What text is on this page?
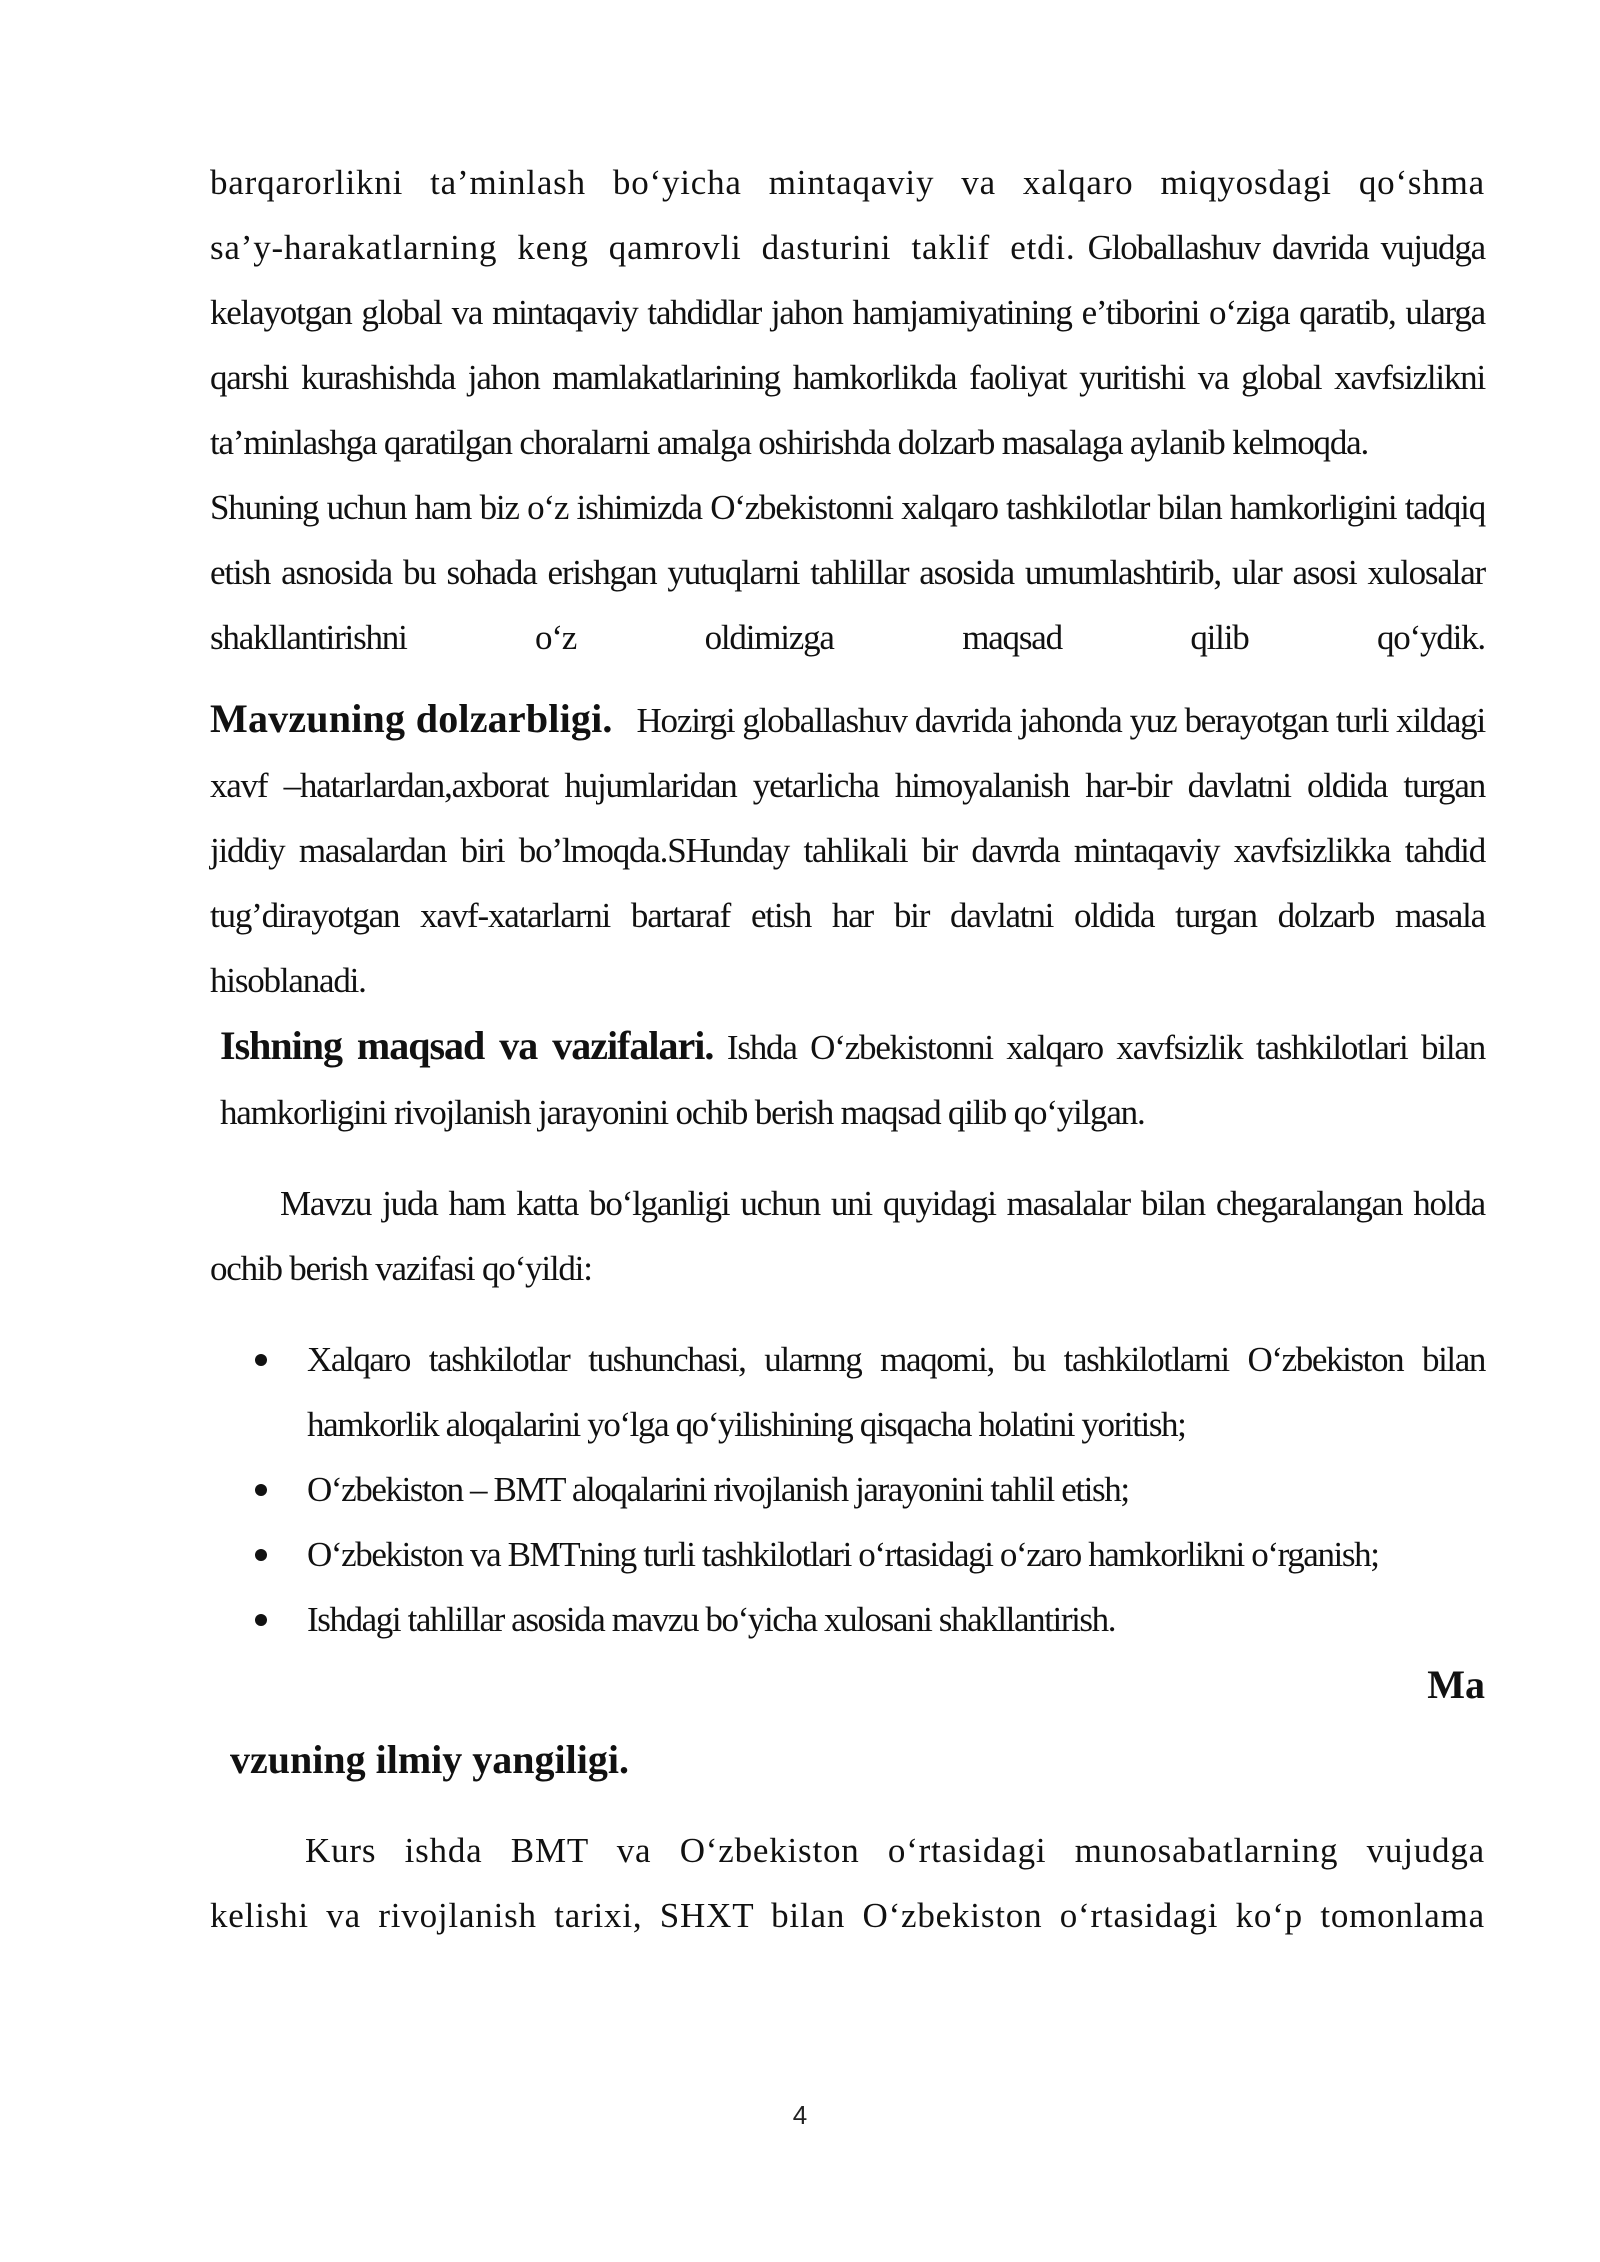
barqarorlikni ta’minlash bo‘yicha mintaqaviy va xalqaro miqyosdagi qo‘shma sa’y-harakatlarning keng qamrovli dasturini taklif etdi. Globallashuv davrida vujudga kelayotgan global va mintaqaviy tahdidlar jahon hamjamiyatining e’tiborini o‘ziga qaratib, ularga qarshi kurashishda jahon mamlakatlarining hamkorlikda faoliyat yuritishi va global xavfsizlikni ta’minlashga qaratilgan choralarni amalga oshirishda dolzarb masalaga aylanib kelmoqda.

Shuning uchun ham biz o‘z ishimizda O‘zbekistonni xalqaro tashkilotlar bilan hamkorligini tadqiq etish asnosida bu sohada erishgan yutuqlarni tahlillar asosida umumlashtirib, ular asosi xulosalar shakllantirishni o‘z oldimizga maqsad qilib qo‘ydik.

Mavzuning dolzarbligi. Hozirgi globallashuv davrida jahonda yuz berayotgan turli xildagi xavf –hatarlardan,axborat hujumlaridan yetarlicha himoyalanish har-bir davlatni oldida turgan jiddiy masalardan biri bo’lmoqda.SHunday tahlikali bir davrda mintaqaviy xavfsizlikka tahdid tug’dirayotgan xavf-xatarlarni bartaraf etish har bir davlatni oldida turgan dolzarb masala hisoblanadi.

Ishning maqsad va vazifalari. Ishda O‘zbekistonni xalqaro xavfsizlik tashkilotlari bilan hamkorligini rivojlanish jarayonini ochib berish maqsad qilib qo‘yilgan.

Mavzu juda ham katta bo‘lganligi uchun uni quyidagi masalalar bilan chegaralangan holda ochib berish vazifasi qo‘yildi:

Xalqaro tashkilotlar tushunchasi, ularnng maqomi, bu tashkilotlarni O‘zbekiston bilan hamkorlik aloqalarini yo‘lga qo‘yilishining qisqacha holatini yoritish;
O‘zbekiston – BMT aloqalarini rivojlanish jarayonini tahlil etish;
O‘zbekiston va BMTning turli tashkilotlari o‘rtasidagi o‘zaro hamkorlikni o‘rganish;
Ishdagi tahlillar asosida mavzu bo‘yicha xulosani shakllantirish.

Ma

vzuning ilmiy yangiligi.

Kurs ishda BMT va O‘zbekiston o‘rtasidagi munosabatlarning vujudga kelishi va rivojlanish tarixi, SHXT bilan O‘zbekiston o‘rtasidagi ko‘p tomonlama

4
